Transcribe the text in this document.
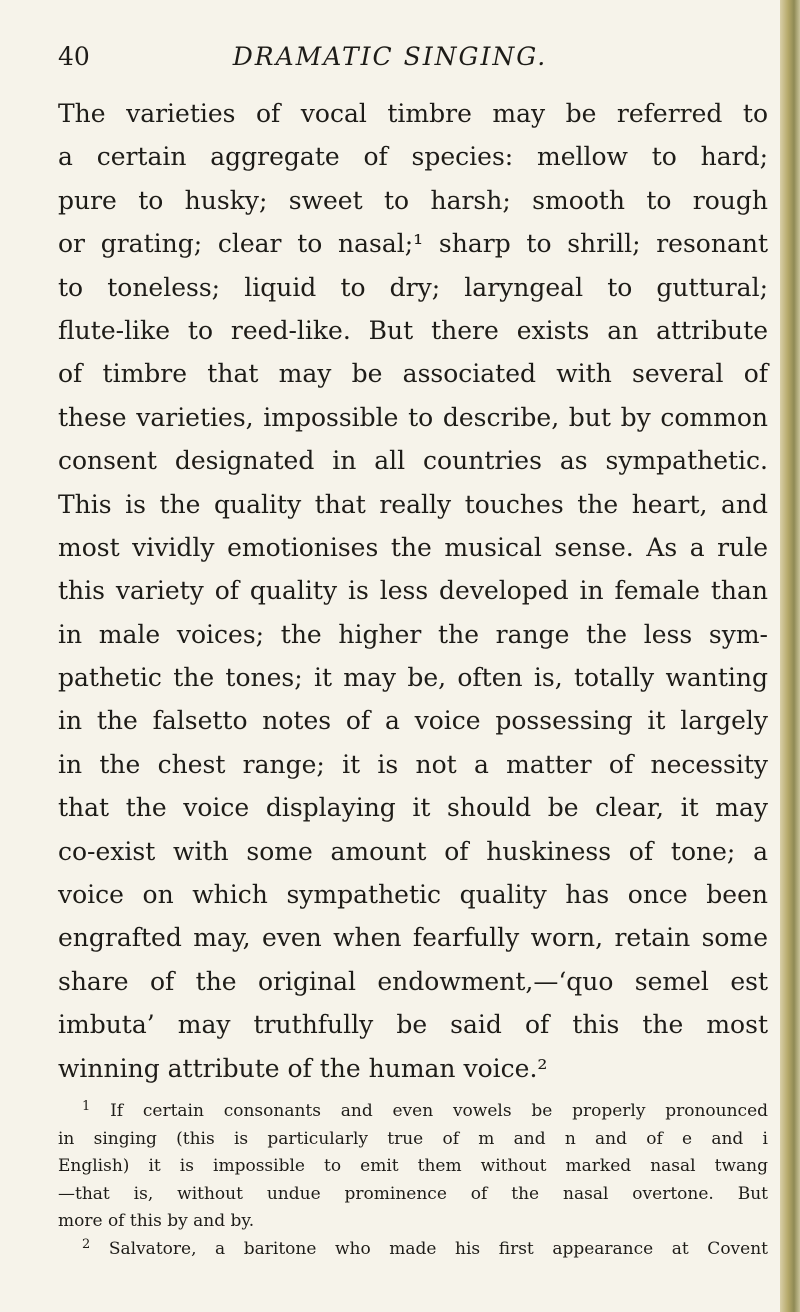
40	DRAMATIC SINGING.
The varieties of vocal timbre may be referred to
a certain aggregate of species: mellow to hard;
pure to husky; sweet to harsh; smooth to rough
or grating; clear to nasal;¹ sharp to shrill; resonant
to toneless; liquid to dry; laryngeal to guttural;
flute-like to reed-like. But there exists an attribute
of timbre that may be associated with several of
these varieties, impossible to describe, but by common
consent designated in all countries as sympathetic.
This is the quality that really touches the heart, and
most vividly emotionises the musical sense. As a rule
this variety of quality is less developed in female than
in male voices; the higher the range the less sym-
pathetic the tones; it may be, often is, totally wanting
in the falsetto notes of a voice possessing it largely
in the chest range; it is not a matter of necessity
that the voice displaying it should be clear, it may
co-exist with some amount of huskiness of tone; a
voice on which sympathetic quality has once been
engrafted may, even when fearfully worn, retain some
share of the original endowment,—‘quo semel est
imbuta’ may truthfully be said of this the most
winning attribute of the human voice.²
$^1$ If certain consonants and even vowels be properly pronounced
in singing (this is particularly true of m and n and of e and i
English) it is impossible to emit them without marked nasal twang
—that is, without undue prominence of the nasal overtone. But
more of this by and by.
$^2$ Salvatore, a baritone who made his first appearance at Covent
